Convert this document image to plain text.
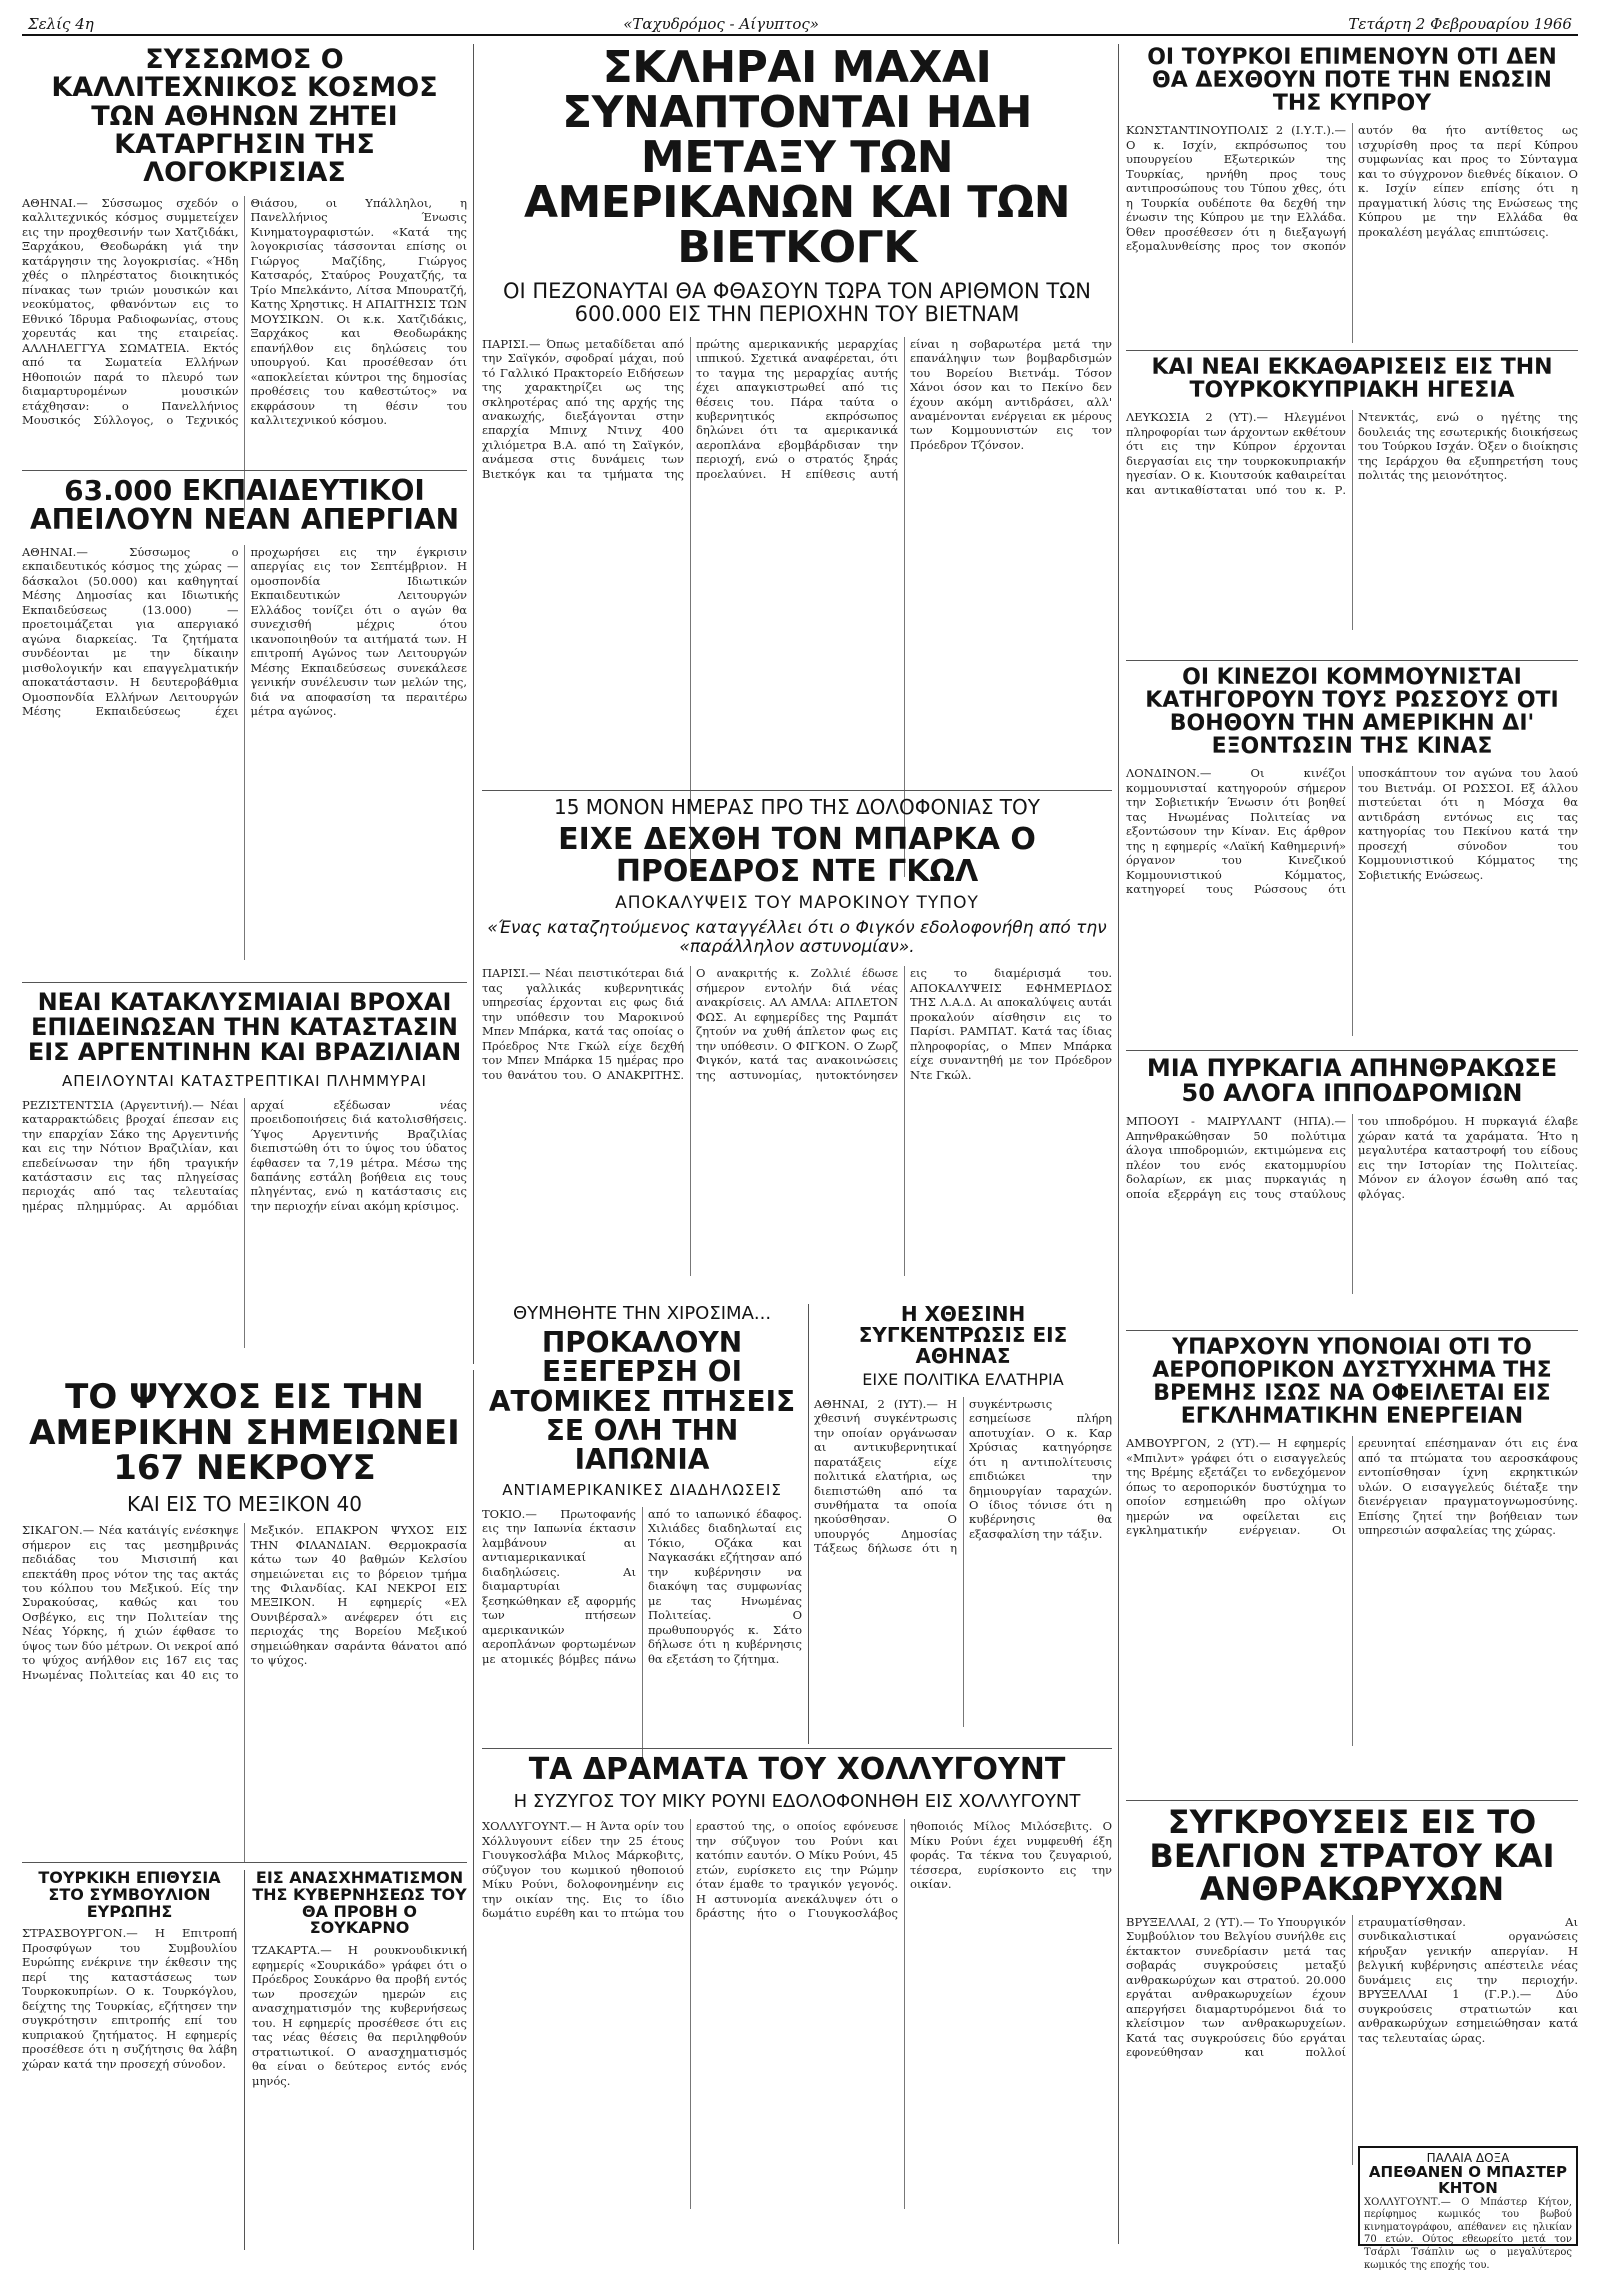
Σελίς 4η	«Ταχυδρόμος - Αίγυπτος»	Τετάρτη 2 Φεβρουαρίου 1966
ΣΥΣΣΩΜΟΣ Ο ΚΑΛΛΙΤΕΧΝΙΚΟΣ ΚΟΣΜΟΣ ΤΩΝ ΑΘΗΝΩΝ ΖΗΤΕΙ ΚΑΤΑΡΓΗΣΙΝ ΤΗΣ ΛΟΓΟΚΡΙΣΙΑΣ
ΑΘΗΝΑΙ.— Σύσσωμος σχεδόν ο καλλιτεχνικός κόσμος συμμετείχεν εις την προχθεσινήν των Χατζιδάκι, Ξαρχάκου, Θεοδωράκη γιά την κατάργησιν της λογοκρισίας. «Ήδη χθές ο πληρέστατος διοικητικός πίνακας των τριών μουσικών και νεοκύματος, φθανόντων εις το Εθνικό Ίδρυμα Ραδιοφωνίας, στους χορευτάς και της εταιρείας. ΑΛΛΗΛΕΓΓΥΑ ΣΩΜΑΤΕΙΑ. Εκτός από τα Σωματεία Ελλήνων Ηθοποιών παρά το πλευρό των διαμαρτυρομένων μουσικών ετάχθησαν: ο Πανελλήνιος Μουσικός Σύλλογος, ο Τεχνικός Θιάσου, οι Υπάλληλοι, η Πανελλήνιος Ένωσις Κινηματογραφιστών. «Κατά της λογοκρισίας τάσσονται επίσης οι Γιώργος Μαζίδης, Γιώργος Κατσαρός, Σταύρος Ρουχατζής, τα Τρίο Μπελκάντο, Λίτσα Μπουρατζή, Κατης Χρηστικς. Η ΑΠΑΙΤΗΣΙΣ ΤΩΝ ΜΟΥΣΙΚΩΝ. Οι κ.κ. Χατζιδάκις, Ξαρχάκος και Θεοδωράκης επανήλθον εις δηλώσεις του υπουργού. Και προσέθεσαν ότι «αποκλείεται κύντροι της δημοσίας προθέσεις του καθεστώτος» να εκφράσουν τη θέσιν του καλλιτεχνικού κόσμου.
63.000 ΕΚΠΑΙΔΕΥΤΙΚΟΙ ΑΠΕΙΛΟΥΝ ΝΕΑΝ ΑΠΕΡΓΙΑΝ
ΑΘΗΝΑΙ.— Σύσσωμος ο εκπαιδευτικός κόσμος της χώρας — δάσκαλοι (50.000) και καθηγηταί Μέσης Δημοσίας και Ιδιωτικής Εκπαιδεύσεως (13.000) — προετοιμάζεται για απεργιακό αγώνα διαρκείας. Τα ζητήματα συνδέονται με την δίκαιην μισθολογικήν και επαγγελματικήν αποκατάστασιν. Η δευτεροβάθμια Ομοσπονδία Ελλήνων Λειτουργών Μέσης Εκπαιδεύσεως έχει προχωρήσει εις την έγκρισιν απεργίας εις τον Σεπτέμβριον. Η ομοσπονδία Ιδιωτικών Εκπαιδευτικών Λειτουργών Ελλάδος τονίζει ότι ο αγών θα συνεχισθή μέχρις ότου ικανοποιηθούν τα αιτήματά των. Η επιτροπή Αγώνος των Λειτουργών Μέσης Εκπαιδεύσεως συνεκάλεσε γενικήν συνέλευσιν των μελών της, διά να αποφασίση τα περαιτέρω μέτρα αγώνος.
ΝΕΑΙ ΚΑΤΑΚΛΥΣΜΙΑΙΑΙ ΒΡΟΧΑΙ ΕΠΙΔΕΙΝΩΣΑΝ ΤΗΝ ΚΑΤΑΣΤΑΣΙΝ ΕΙΣ ΑΡΓΕΝΤΙΝΗΝ ΚΑΙ ΒΡΑΖΙΛΙΑΝ
ΑΠΕΙΛΟΥΝΤΑΙ ΚΑΤΑΣΤΡΕΠΤΙΚΑΙ ΠΛΗΜΜΥΡΑΙ
ΡΕΖΙΣΤΕΝΤΣΙΑ (Αργεντινή).— Νέαι καταρρακτώδεις βροχαί έπεσαν εις την επαρχίαν Σάκο της Αργεντινής και εις την Νότιον Βραζιλίαν, και επεδείνωσαν την ήδη τραγικήν κατάστασιν εις τας πληγείσας περιοχάς από τας τελευταίας ημέρας πλημμύρας. Αι αρμόδιαι αρχαί εξέδωσαν νέας προειδοποιήσεις διά κατολισθήσεις. Ύψος Αργεντινής Βραζιλίας διεπιστώθη ότι το ύψος του ύδατος έφθασεν τα 7,19 μέτρα. Μέσω της δαπάνης εστάλη βοήθεια εις τους πληγέντας, ενώ η κατάστασις εις την περιοχήν είναι ακόμη κρίσιμος.
ΣΚΛΗΡΑΙ ΜΑΧΑΙ ΣΥΝΑΠΤΟΝΤΑΙ ΗΔΗ ΜΕΤΑΞΥ ΤΩΝ ΑΜΕΡΙΚΑΝΩΝ ΚΑΙ ΤΩΝ ΒΙΕΤΚΟΓΚ
ΟΙ ΠΕΖΟΝΑΥΤΑΙ ΘΑ ΦΘΑΣΟΥΝ ΤΩΡΑ ΤΟΝ ΑΡΙΘΜΟΝ ΤΩΝ 600.000 ΕΙΣ ΤΗΝ ΠΕΡΙΟΧΗΝ ΤΟΥ ΒΙΕΤΝΑΜ
ΠΑΡΙΣΙ.— Όπως μεταδίδεται από την Σαϊγκόν, σφοδραί μάχαι, πού τό Γαλλικό Πρακτορείο Ειδήσεων της χαρακτηρίζει ως της σκληροτέρας από της αρχής της ανακωχής, διεξάγονται στην επαρχία Μπινχ Ντινχ 400 χιλιόμετρα Β.Α. από τη Σαϊγκόν, ανάμεσα στις δυνάμεις των Βιετκόγκ και τα τμήματα της πρώτης αμερικανικής μεραρχίας ιππικού. Σχετικά αναφέρεται, ότι το ταγμα της μεραρχίας αυτής έχει απαγκιστρωθεί από τις θέσεις του. Πάρα ταύτα ο κυβερνητικός εκπρόσωπος δηλώνει ότι τα αμερικανικά αεροπλάνα εβομβάρδισαν την περιοχή, ενώ ο στρατός ξηράς προελαύνει. Η επίθεσις αυτή είναι η σοβαρωτέρα μετά την επανάληψιν των βομβαρδισμών του Βορείου Βιετνάμ. Τόσον Χάνοι όσον και το Πεκίνο δεν έχουν ακόμη αντιδράσει, αλλ' αναμένονται ενέργειαι εκ μέρους των Κομμουνιστών εις τον Πρόεδρον Τζόνσον.
15 ΜΟΝΟΝ ΗΜΕΡΑΣ ΠΡΟ ΤΗΣ ΔΟΛΟΦΟΝΙΑΣ ΤΟΥ
ΕΙΧΕ ΔΕΧΘΗ ΤΟΝ ΜΠΑΡΚΑ Ο ΠΡΟΕΔΡΟΣ ΝΤΕ ΓΚΩΛ
ΑΠΟΚΑΛΥΨΕΙΣ ΤΟΥ ΜΑΡΟΚΙΝΟΥ ΤΥΠΟΥ
«Ένας καταζητούμενος καταγγέλλει ότι ο Φιγκόν εδολοφονήθη από την «παράλληλον αστυνομίαν».
ΠΑΡΙΣΙ.— Νέαι πειστικότεραι διά τας γαλλικάς κυβερνητικάς υπηρεσίας έρχονται εις φως διά την υπόθεσιν του Μαροκινού Μπεν Μπάρκα, κατά τας οποίας ο Πρόεδρος Ντε Γκώλ είχε δεχθή τον Μπεν Μπάρκα 15 ημέρας προ του θανάτου του. Ο ΑΝΑΚΡΙΤΗΣ. Ο ανακριτής κ. Ζολλιέ έδωσε σήμερον εντολήν διά νέας ανακρίσεις. ΑΛ ΑΜΛΑ: ΑΠΛΕΤΟΝ ΦΩΣ. Αι εφημερίδες της Ραμπάτ ζητούν να χυθή άπλετον φως εις την υπόθεσιν. Ο ΦΙΓΚΟΝ. Ο Ζωρζ Φιγκόν, κατά τας ανακοινώσεις της αστυνομίας, ηυτοκτόνησεν εις το διαμέρισμά του. ΑΠΟΚΑΛΥΨΕΙΣ ΕΦΗΜΕΡΙΔΟΣ ΤΗΣ Λ.Α.Δ. Αι αποκαλύψεις αυτάι προκαλούν αίσθησιν εις το Παρίσι. ΡΑΜΠΑΤ. Κατά τας ίδιας πληροφορίας, ο Μπεν Μπάρκα είχε συναντηθή με τον Πρόεδρον Ντε Γκώλ.
ΟΙ ΤΟΥΡΚΟΙ ΕΠΙΜΕΝΟΥΝ ΟΤΙ ΔΕΝ ΘΑ ΔΕΧΘΟΥΝ ΠΟΤΕ ΤΗΝ ΕΝΩΣΙΝ ΤΗΣ ΚΥΠΡΟΥ
ΚΩΝΣΤΑΝΤΙΝΟΥΠΟΛΙΣ 2 (Ι.Υ.Τ.).— Ο κ. Ισχίν, εκπρόσωπος του υπουργείου Εξωτερικών της Τουρκίας, ηρνήθη προς τους αντιπροσώπους του Τύπου χθες, ότι η Τουρκία ουδέποτε θα δεχθή την ένωσιν της Κύπρου με την Ελλάδα. Όθεν προσέθεσεν ότι η διεξαγωγή εξομαλυνθείσης προς τον σκοπόν αυτόν θα ήτο αντίθετος ως ισχυρίσθη προς τα περί Κύπρου συμφωνίας και προς το Σύνταγμα και το σύγχρονον διεθνές δίκαιον. Ο κ. Ισχίν είπεν επίσης ότι η πραγματική λύσις της Ενώσεως της Κύπρου με την Ελλάδα θα προκαλέση μεγάλας επιπτώσεις.
ΚΑΙ ΝΕΑΙ ΕΚΚΑΘΑΡΙΣΕΙΣ ΕΙΣ ΤΗΝ ΤΟΥΡΚΟΚΥΠΡΙΑΚΗ ΗΓΕΣΙΑ
ΛΕΥΚΩΣΙΑ 2 (ΥΤ).— Ηλεγμένοι πληροφορίαι των άρχοντων εκθέτουν ότι εις την Κύπρον έρχονται διεργασίαι εις την τουρκοκυπριακήν ηγεσίαν. Ο κ. Κιουτσούκ καθαιρείται και αντικαθίσταται υπό του κ. Ρ. Ντενκτάς, ενώ ο ηγέτης της δουλειάς της εσωτερικής διοικήσεως του Τούρκου Ισχάν. Όξεν ο διοίκησις της Ιεράρχου θα εξυπηρετήση τους πολιτάς της μειονότητος.
ΟΙ ΚΙΝΕΖΟΙ ΚΟΜΜΟΥΝΙΣΤΑΙ ΚΑΤΗΓΟΡΟΥΝ ΤΟΥΣ ΡΩΣΣΟΥΣ ΟΤΙ ΒΟΗΘΟΥΝ ΤΗΝ ΑΜΕΡΙΚΗΝ ΔΙ' ΕΞΟΝΤΩΣΙΝ ΤΗΣ ΚΙΝΑΣ
ΛΟΝΔΙΝΟΝ.— Οι κινέζοι κομμουνισταί κατηγορούν σήμερον την Σοβιετικήν Ένωσιν ότι βοηθεί τας Ηνωμένας Πολιτείας να εξοντώσουν την Κίναν. Εις άρθρον της η εφημερίς «Λαϊκή Καθημερινή» όργανον του Κινεζικού Κομμουνιστικού Κόμματος, κατηγορεί τους Ρώσσους ότι υποσκάπτουν τον αγώνα του λαού του Βιετνάμ. ΟΙ ΡΩΣΣΟΙ. Εξ άλλου πιστεύεται ότι η Μόσχα θα αντιδράση εντόνως εις τας κατηγορίας του Πεκίνου κατά την προσεχή σύνοδον του Κομμουνιστικού Κόμματος της Σοβιετικής Ενώσεως.
ΜΙΑ ΠΥΡΚΑΓΙΑ ΑΠΗΝΘΡΑΚΩΣΕ 50 ΑΛΟΓΑ ΙΠΠΟΔΡΟΜΙΩΝ
ΜΠΟΟΥΙ - ΜΑΙΡΥΛΑΝΤ (ΗΠΑ).— Απηνθρακώθησαν 50 πολύτιμα άλογα ιπποδρομιών, εκτιμώμενα εις πλέον του ενός εκατομμυρίου δολαρίων, εκ μιας πυρκαγιάς η οποία εξερράγη εις τους σταύλους του ιπποδρόμου. Η πυρκαγιά έλαβε χώραν κατά τα χαράματα. Ήτο η μεγαλυτέρα καταστροφή του είδους εις την Ιστορίαν της Πολιτείας. Μόνον εν άλογον έσωθη από τας φλόγας.
ΥΠΑΡΧΟΥΝ ΥΠΟΝΟΙΑΙ ΟΤΙ ΤΟ ΑΕΡΟΠΟΡΙΚΟΝ ΔΥΣΤΥΧΗΜΑ ΤΗΣ ΒΡΕΜΗΣ ΙΣΩΣ ΝΑ ΟΦΕΙΛΕΤΑΙ ΕΙΣ ΕΓΚΛΗΜΑΤΙΚΗΝ ΕΝΕΡΓΕΙΑΝ
ΑΜΒΟΥΡΓΟΝ, 2 (ΥΤ).— Η εφημερίς «Μπιλντ» γράφει ότι ο εισαγγελεύς της Βρέμης εξετάζει το ενδεχόμενον όπως το αεροπορικόν δυστύχημα το οποίον εσημειώθη προ ολίγων ημερών να οφείλεται εις εγκληματικήν ενέργειαν. Οι ερευνηταί επέσημαναν ότι εις ένα από τα πτώματα του αεροσκάφους εντοπίσθησαν ίχνη εκρηκτικών υλών. Ο εισαγγελεύς διέταξε την διενέργειαν πραγματογνωμοσύνης. Επίσης ζητεί την βοήθειαν των υπηρεσιών ασφαλείας της χώρας.
ΣΥΓΚΡΟΥΣΕΙΣ ΕΙΣ ΤΟ ΒΕΛΓΙΟΝ ΣΤΡΑΤΟΥ ΚΑΙ ΑΝΘΡΑΚΩΡΥΧΩΝ
ΒΡΥΞΕΛΛΑΙ, 2 (ΥΤ).— Το Υπουργικόν Συμβούλιον του Βελγίου συνήλθε εις έκτακτον συνεδρίασιν μετά τας σοβαράς συγκρούσεις μεταξύ ανθρακωρύχων και στρατού. 20.000 εργάται ανθρακωρυχείων έχουν απεργήσει διαμαρτυρόμενοι διά το κλείσιμον των ανθρακωρυχείων. Κατά τας συγκρούσεις δύο εργάται εφονεύθησαν και πολλοί ετραυματίσθησαν. Αι συνδικαλιστικαί οργανώσεις κήρυξαν γενικήν απεργίαν. Η βελγική κυβέρνησις απέστειλε νέας δυνάμεις εις την περιοχήν. ΒΡΥΞΕΛΛΑΙ 1 (Γ.Ρ.).— Δύο συγκρούσεις στρατιωτών και ανθρακωρύχων εσημειώθησαν κατά τας τελευταίας ώρας.
ΠΑΛΑΙΑ ΔΟΞΑ
ΑΠΕΘΑΝΕΝ Ο ΜΠΑΣΤΕΡ ΚΗΤΟΝ
ΧΟΛΛΥΓΟΥΝΤ.— Ο Μπάστερ Κήτον, περίφημος κωμικός του βωβού κινηματογράφου, απέθανεν εις ηλικίαν 70 ετών. Ούτος εθεωρείτο μετά τον Τσάρλι Τσάπλιν ως ο μεγαλύτερος κωμικός της εποχής του.
ΤΟ ΨΥΧΟΣ ΕΙΣ ΤΗΝ ΑΜΕΡΙΚΗΝ ΣΗΜΕΙΩΝΕΙ 167 ΝΕΚΡΟΥΣ
ΚΑΙ ΕΙΣ ΤΟ ΜΕΞΙΚΟΝ 40
ΣΙΚΑΓΟΝ.— Νέα κατάιγίς ενέσκηψε σήμερον εις τας μεσημβρινάς πεδιάδας του Μισισιπή και επεκτάθη προς νότον της τας ακτάς του κόλπου του Μεξικού. Είς την Συρακούσας, καθώς και του Οσβέγκο, εις την Πολιτείαν της Νέας Υόρκης, ή χιών έφθασε το ύψος των δύο μέτρων. Οι νεκροί από το ψύχος ανήλθον εις 167 εις τας Ηνωμένας Πολιτείας και 40 εις το Μεξικόν. ΕΠΑΚΡΟΝ ΨΥΧΟΣ ΕΙΣ ΤΗΝ ΦΙΛΑΝΔΙΑΝ. Θερμοκρασία κάτω των 40 βαθμών Κελσίου σημειώνεται εις το βόρειον τμήμα της Φιλανδίας. ΚΑΙ ΝΕΚΡΟΙ ΕΙΣ ΜΕΞΙΚΟΝ. Η εφημερίς «Ελ Ουνιβέρσαλ» ανέφερεν ότι εις περιοχάς της Βορείου Μεξικού σημειώθηκαν σαράντα θάνατοι από το ψύχος.
ΤΟΥΡΚΙΚΗ ΕΠΙΘΥΣΙΑ ΣΤΟ ΣΥΜΒΟΥΛΙΟΝ ΕΥΡΩΠΗΣ
ΣΤΡΑΣΒΟΥΡΓΟΝ.— Η Επιτροπή Προσφύγων του Συμβουλίου Ευρώπης ενέκρινε την έκθεσιν της περί της καταστάσεως των Τουρκοκυπρίων. Ο κ. Τουρκόγλου, δείχτης της Τουρκίας, εζήτησεν την συγκρότησιν επιτροπής επί του κυπριακού ζητήματος. Η εφημερίς προσέθεσε ότι η συζήτησις θα λάβη χώραν κατά την προσεχή σύνοδον.
ΕΙΣ ΑΝΑΣΧΗΜΑΤΙΣΜΟΝ ΤΗΣ ΚΥΒΕΡΝΗΣΕΩΣ ΤΟΥ ΘΑ ΠΡΟΒΗ Ο ΣΟΥΚΑΡΝΟ
ΤΖΑΚΑΡΤΑ.— Η ρουκνουδικνική εφημερίς «Σουρικάδο» γράφει ότι ο Πρόεδρος Σουκάρνο θα προβή εντός των προσεχών ημερών εις ανασχηματισμόν της κυβερνήσεως του. Η εφημερίς προσέθεσε ότι εις τας νέας θέσεις θα περιληφθούν στρατιωτικοί. Ο ανασχηματισμός θα είναι ο δεύτερος εντός ενός μηνός.
ΘΥΜΗΘΗΤΕ ΤΗΝ ΧΙΡΟΣΙΜΑ...
ΠΡΟΚΑΛΟΥΝ ΕΞΕΓΕΡΣΗ ΟΙ ΑΤΟΜΙΚΕΣ ΠΤΗΣΕΙΣ ΣΕ ΟΛΗ ΤΗΝ ΙΑΠΩΝΙΑ
ΑΝΤΙΑΜΕΡΙΚΑΝΙΚΕΣ ΔΙΑΔΗΛΩΣΕΙΣ
ΤΟΚΙΟ.— Πρωτοφανής εις την Ιαπωνία έκτασιν λαμβάνουν αι αντιαμερικανικαί διαδηλώσεις. Αι διαμαρτυρίαι ξεσηκώθηκαν εξ αφορμής των πτήσεων αμερικανικών αεροπλάνων φορτωμένων με ατομικές βόμβες πάνω από το ιαπωνικό έδαφος. Χιλιάδες διαδηλωταί εις Τόκιο, Οζάκα και Ναγκασάκι εζήτησαν από την κυβέρνησιν να διακόψη τας συμφωνίας με τας Ηνωμένας Πολιτείας. Ο πρωθυπουργός κ. Σάτο δήλωσε ότι η κυβέρνησις θα εξετάση το ζήτημα.
Η ΧΘΕΣΙΝΗ ΣΥΓΚΕΝΤΡΩΣΙΣ ΕΙΣ ΑΘΗΝΑΣ
ΕΙΧΕ ΠΟΛΙΤΙΚΑ ΕΛΑΤΗΡΙΑ
ΑΘΗΝΑΙ, 2 (ΙΥΤ).— Η χθεσινή συγκέντρωσις την οποίαν οργάνωσαν αι αντικυβερνητικαί παρατάξεις είχε πολιτικά ελατήρια, ως διεπιστώθη από τα συνθήματα τα οποία ηκούσθησαν. Ο υπουργός Δημοσίας Τάξεως δήλωσε ότι η συγκέντρωσις εσημείωσε πλήρη αποτυχίαν. Ο κ. Καρ Χρύσιας κατηγόρησε ότι η αντιπολίτευσις επιδιώκει την δημιουργίαν ταραχών. Ο ίδιος τόνισε ότι η κυβέρνησις θα εξασφαλίση την τάξιν.
ΤΑ ΔΡΑΜΑΤΑ ΤΟΥ ΧΟΛΛΥΓΟΥΝΤ
Η ΣΥΖΥΓΟΣ ΤΟΥ ΜΙΚΥ ΡΟΥΝΙ ΕΔΟΛΟΦΟΝΗΘΗ ΕΙΣ ΧΟΛΛΥΓΟΥΝΤ
ΧΟΛΛΥΓΟΥΝΤ.— Η Άντα ορίν του Χόλλυγουντ είδεν την 25 έτους Γιουγκοσλάβα Μιλος Μάρκοβιτς, σύζυγον του κωμικού ηθοποιού Μίκυ Ρούνι, δολοφονημένην εις την οικίαν της. Εις το ίδιο δωμάτιο ευρέθη και το πτώμα του εραστού της, ο οποίος εφόνευσε την σύζυγον του Ρούνι και κατόπιν εαυτόν. Ο Μίκυ Ρούνι, 45 ετών, ευρίσκετο εις την Ρώμην όταν έμαθε το τραγικόν γεγονός. Η αστυνομία ανεκάλυψεν ότι ο δράστης ήτο ο Γιουγκοσλάβος ηθοποιός Μίλος Μιλόσεβιτς. Ο Μίκυ Ρούνι έχει νυμφευθή έξη φοράς. Τα τέκνα του ζευγαριού, τέσσερα, ευρίσκοντο εις την οικίαν.
